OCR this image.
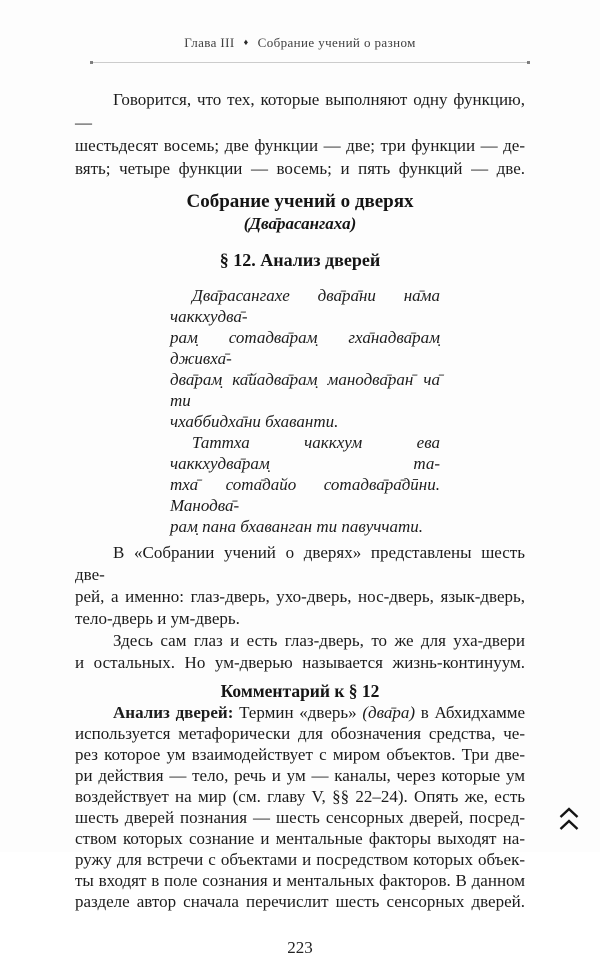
Глава III ♦ Собрание учений о разном
Говорится, что тех, которые выполняют одну функцию, —
шестьдесят восемь; две функции — две; три функции — де-
вять; четыре функции — восемь; и пять функций — две.
Собрание учений о дверях
(Два̄расангаха)
§ 12. Анализ дверей
Два̄расангахе два̄ра̄ни на̄ма чаккхудва̄-
рам̣ сотадва̄рам̣ гха̄надва̄рам̣ дживха̄-
два̄рам̣ ка̄йадва̄рам̣ манодва̄ран̄ ча̄ ти
чхаббидха̄ни бхаванти.
Таттха чаккхум ева чаккхудва̄рам̣ та-
тха̄ сота̄дайо сотадва̄ра̄дӣни. Манодва̄-
рам̣ пана бхаванган ти павуччати.
В «Собрании учений о дверях» представлены шесть две-
рей, а именно: глаз-дверь, ухо-дверь, нос-дверь, язык-дверь,
тело-дверь и ум-дверь.
Здесь сам глаз и есть глаз-дверь, то же для уха-двери
и остальных. Но ум-дверью называется жизнь-континуум.
Комментарий к § 12
Анализ дверей: Термин «дверь» (два̄ра) в Абхидхамме
используется метафорически для обозначения средства, че-
рез которое ум взаимодействует с миром объектов. Три две-
ри действия — тело, речь и ум — каналы, через которые ум
воздействует на мир (см. главу V, §§ 22–24). Опять же, есть
шесть дверей познания — шесть сенсорных дверей, посред-
ством которых сознание и ментальные факторы выходят на-
ружу для встречи с объектами и посредством которых объек-
ты входят в поле сознания и ментальных факторов. В данном
разделе автор сначала перечислит шесть сенсорных дверей.
223
